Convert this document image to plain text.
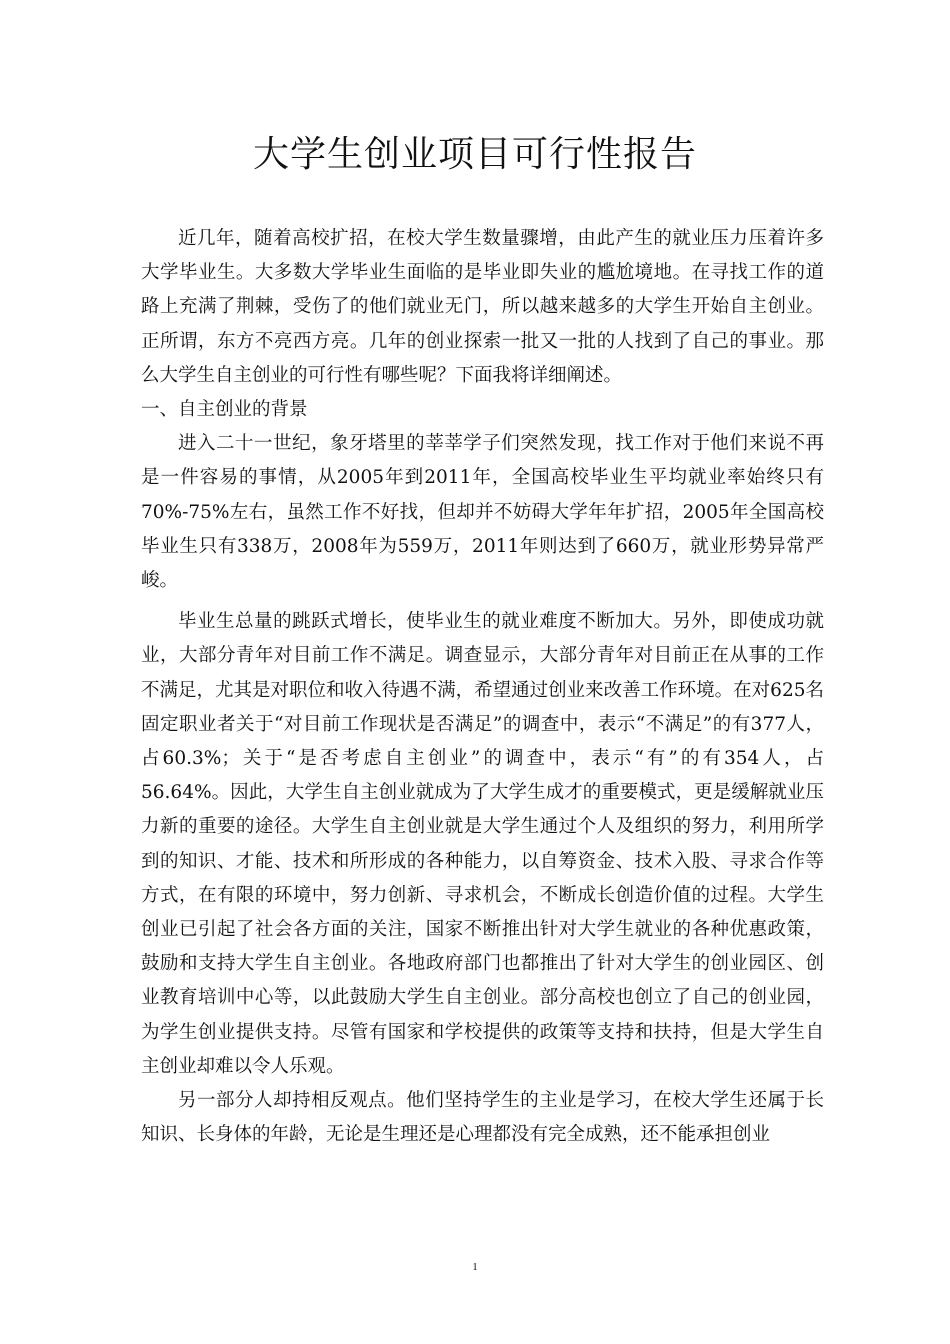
大学生创业项目可行性报告

近几年，随着高校扩招，在校大学生数量骤增，由此产生的就业压力压着许多大学毕业生。大多数大学毕业生面临的是毕业即失业的尴尬境地。在寻找工作的道路上充满了荆棘，受伤了的他们就业无门，所以越来越多的大学生开始自主创业。正所谓，东方不亮西方亮。几年的创业探索一批又一批的人找到了自己的事业。那么大学生自主创业的可行性有哪些呢？下面我将详细阐述。

一、自主创业的背景

进入二十一世纪，象牙塔里的莘莘学子们突然发现，找工作对于他们来说不再是一件容易的事情，从2005年到2011年，全国高校毕业生平均就业率始终只有70%-75%左右，虽然工作不好找，但却并不妨碍大学年年扩招，2005年全国高校毕业生只有338万，2008年为559万，2011年则达到了660万，就业形势异常严峻。

毕业生总量的跳跃式增长，使毕业生的就业难度不断加大。另外，即使成功就业，大部分青年对目前工作不满足。调查显示，大部分青年对目前正在从事的工作不满足，尤其是对职位和收入待遇不满，希望通过创业来改善工作环境。在对625名固定职业者关于“对目前工作现状是否满足”的调查中，表示“不满足”的有377人，占60.3%；关于“是否考虑自主创业”的调查中，表示“有”的有354人，占56.64%。因此，大学生自主创业就成为了大学生成才的重要模式，更是缓解就业压力新的重要的途径。大学生自主创业就是大学生通过个人及组织的努力，利用所学到的知识、才能、技术和所形成的各种能力，以自筹资金、技术入股、寻求合作等方式，在有限的环境中，努力创新、寻求机会，不断成长创造价值的过程。大学生创业已引起了社会各方面的关注，国家不断推出针对大学生就业的各种优惠政策，鼓励和支持大学生自主创业。各地政府部门也都推出了针对大学生的创业园区、创业教育培训中心等，以此鼓励大学生自主创业。部分高校也创立了自己的创业园，为学生创业提供支持。尽管有国家和学校提供的政策等支持和扶持，但是大学生自主创业却难以令人乐观。

另一部分人却持相反观点。他们坚持学生的主业是学习，在校大学生还属于长知识、长身体的年龄，无论是生理还是心理都没有完全成熟，还不能承担创业

1
